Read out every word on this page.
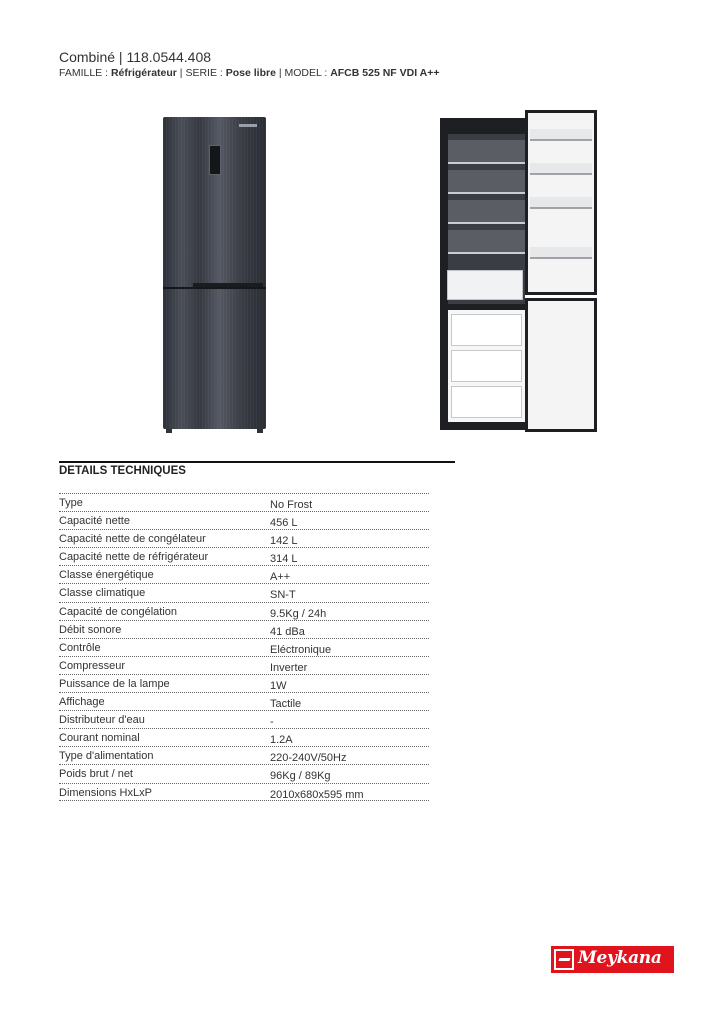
Combiné | 118.0544.408
FAMILLE : Réfrigérateur | SERIE : Pose libre | MODEL : AFCB 525 NF VDI A++
DETAILS TECHNIQUES
Type	No Frost
Capacité nette	456 L
Capacité nette de congélateur	142 L
Capacité nette de réfrigérateur	314 L
Classe énergétique	A++
Classe climatique	SN-T
Capacité de congélation	9.5Kg / 24h
Débit sonore	41 dBa
Contrôle	Eléctronique
Compresseur	Inverter
Puissance de la lampe	1W
Affichage	Tactile
Distributeur d'eau	-
Courant nominal	1.2A
Type d'alimentation	220-240V/50Hz
Poids brut / net	96Kg / 89Kg
Dimensions HxLxP	2010x680x595 mm
Meykana
